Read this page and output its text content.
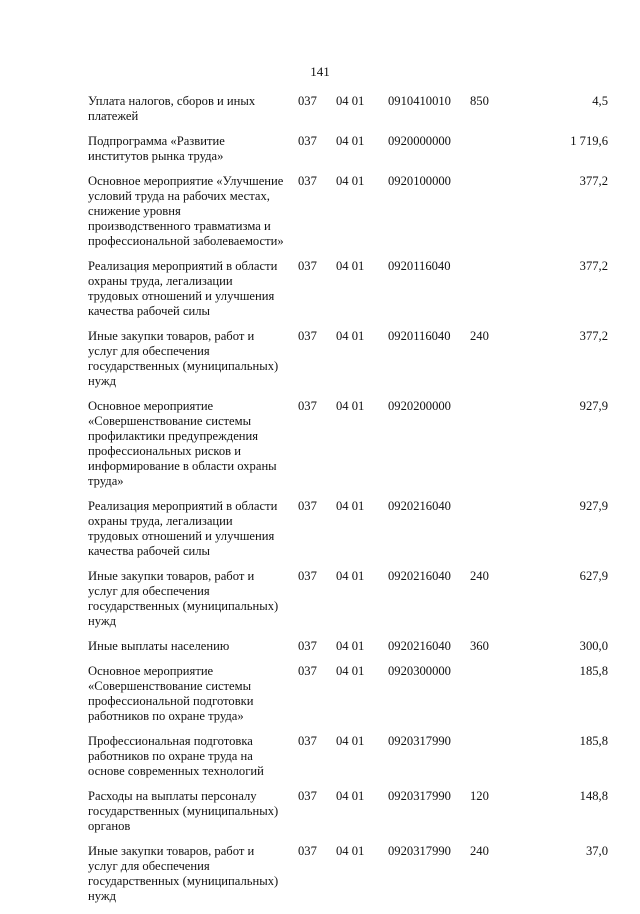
141
Уплата налогов, сборов и иных платежей	037	04 01	0910410010	850	4,5
Подпрограмма «Развитие институтов рынка труда»	037	04 01	0920000000		1 719,6
Основное мероприятие «Улучшение условий труда на рабочих местах, снижение уровня производственного травматизма и профессиональной заболеваемости»	037	04 01	0920100000		377,2
Реализация мероприятий в области охраны труда, легализации трудовых отношений и улучшения качества рабочей силы	037	04 01	0920116040		377,2
Иные закупки товаров, работ и услуг для обеспечения государственных (муниципальных) нужд	037	04 01	0920116040	240	377,2
Основное мероприятие «Совершенствование системы профилактики предупреждения профессиональных рисков и информирование в области охраны труда»	037	04 01	0920200000		927,9
Реализация мероприятий в области охраны труда, легализации трудовых отношений и улучшения качества рабочей силы	037	04 01	0920216040		927,9
Иные закупки товаров, работ и услуг для обеспечения государственных (муниципальных) нужд	037	04 01	0920216040	240	627,9
Иные выплаты населению	037	04 01	0920216040	360	300,0
Основное мероприятие «Совершенствование системы профессиональной подготовки работников по охране труда»	037	04 01	0920300000		185,8
Профессиональная подготовка работников по охране труда на основе современных технологий	037	04 01	0920317990		185,8
Расходы на выплаты персоналу государственных (муниципальных) органов	037	04 01	0920317990	120	148,8
Иные закупки товаров, работ и услуг для обеспечения государственных (муниципальных) нужд	037	04 01	0920317990	240	37,0
